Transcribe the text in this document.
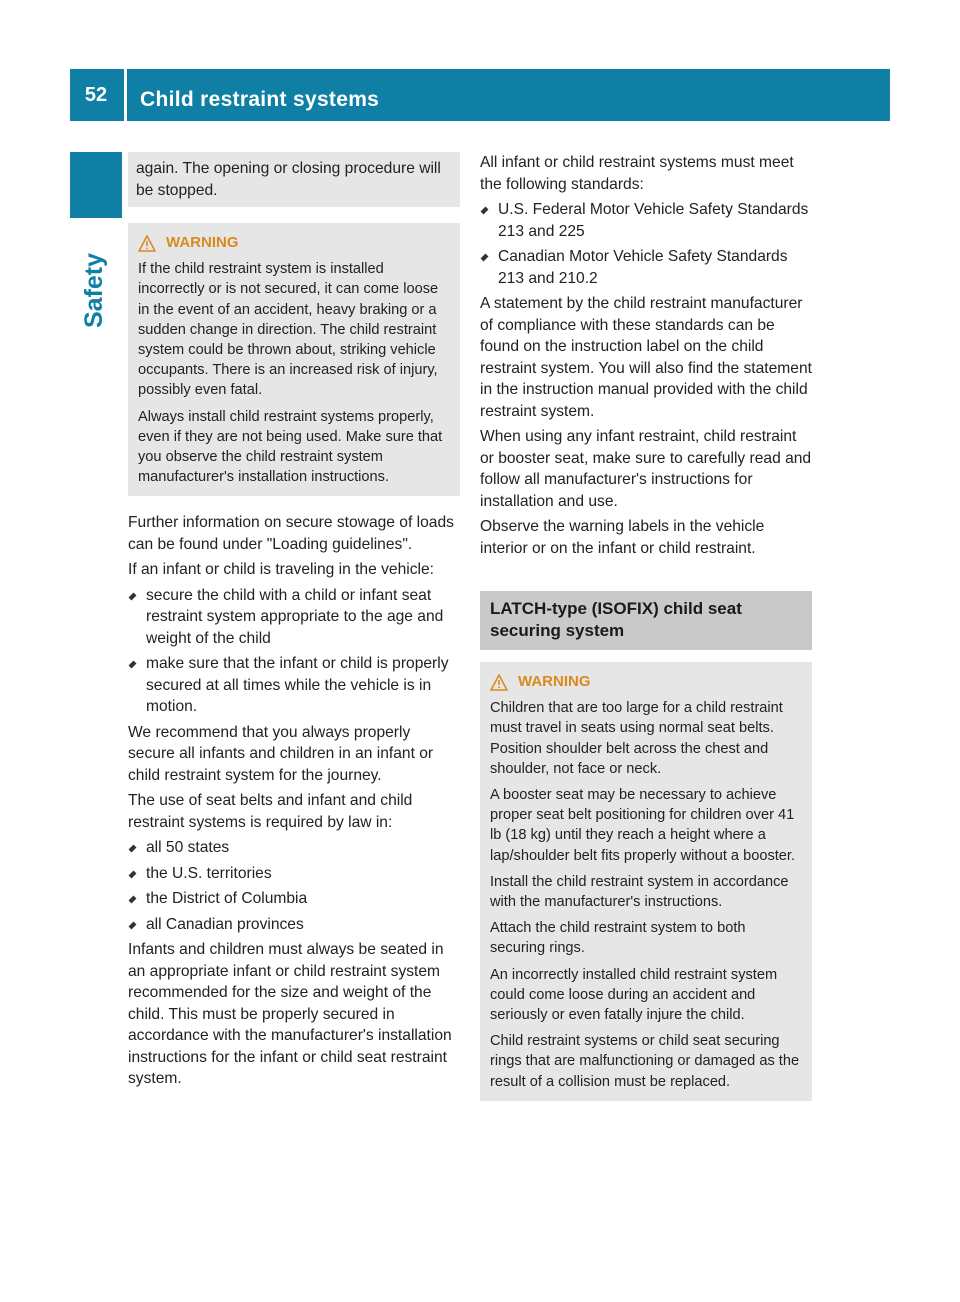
52	Child restraint systems
Safety

again. The opening or closing procedure will be stopped.

WARNING

If the child restraint system is installed incorrectly or is not secured, it can come loose in the event of an accident, heavy braking or a sudden change in direction. The child restraint system could be thrown about, striking vehicle occupants. There is an increased risk of injury, possibly even fatal.

Always install child restraint systems properly, even if they are not being used. Make sure that you observe the child restraint system manufacturer's installation instructions.

Further information on secure stowage of loads can be found under "Loading guidelines".

If an infant or child is traveling in the vehicle:

secure the child with a child or infant seat restraint system appropriate to the age and weight of the child
make sure that the infant or child is properly secured at all times while the vehicle is in motion.

We recommend that you always properly secure all infants and children in an infant or child restraint system for the journey.

The use of seat belts and infant and child restraint systems is required by law in:

all 50 states
the U.S. territories
the District of Columbia
all Canadian provinces

Infants and children must always be seated in an appropriate infant or child restraint system recommended for the size and weight of the child. This must be properly secured in accordance with the manufacturer's installation instructions for the infant or child seat restraint system.

All infant or child restraint systems must meet the following standards:

U.S. Federal Motor Vehicle Safety Standards 213 and 225
Canadian Motor Vehicle Safety Standards 213 and 210.2

A statement by the child restraint manufacturer of compliance with these standards can be found on the instruction label on the child restraint system. You will also find the statement in the instruction manual provided with the child restraint system.

When using any infant restraint, child restraint or booster seat, make sure to carefully read and follow all manufacturer's instructions for installation and use.

Observe the warning labels in the vehicle interior or on the infant or child restraint.

LATCH-type (ISOFIX) child seat securing system
WARNING

Children that are too large for a child restraint must travel in seats using normal seat belts. Position shoulder belt across the chest and shoulder, not face or neck.

A booster seat may be necessary to achieve proper seat belt positioning for children over 41 lb (18 kg) until they reach a height where a lap/shoulder belt fits properly without a booster.

Install the child restraint system in accordance with the manufacturer's instructions.

Attach the child restraint system to both securing rings.

An incorrectly installed child restraint system could come loose during an accident and seriously or even fatally injure the child.

Child restraint systems or child seat securing rings that are malfunctioning or damaged as the result of a collision must be replaced.
